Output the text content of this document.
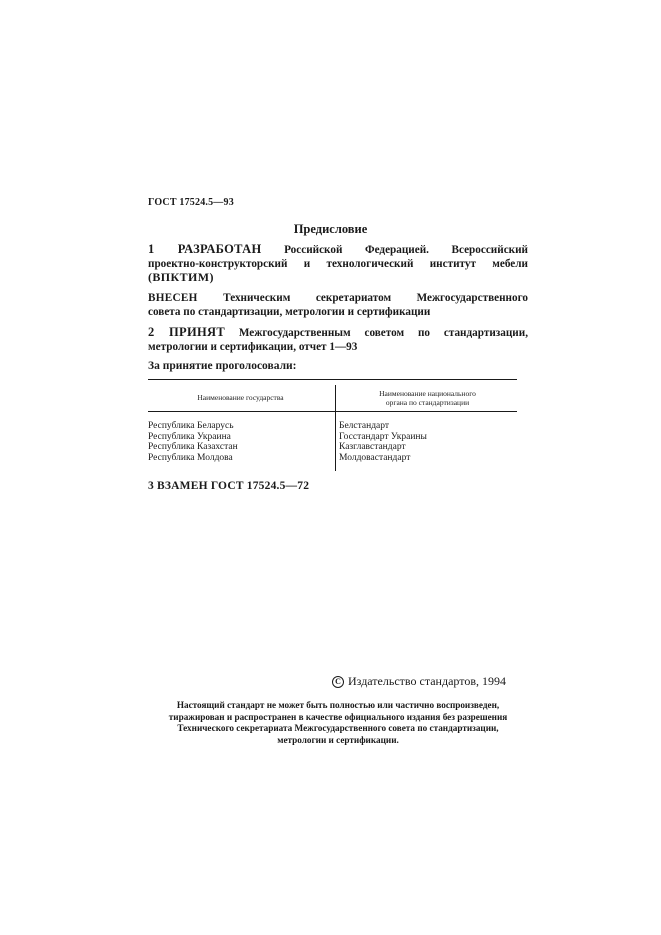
ГОСТ 17524.5—93

Предисловие

1 РАЗРАБОТАН Российской Федерацией. Всероссийский
проектно-конструкторский и технологический институт мебели
(ВПКТИМ)
ВНЕСЕН Техническим секретариатом Межгосударственного
совета по стандартизации, метрологии и сертификации
2 ПРИНЯТ Межгосударственным советом по стандартизации,
метрологии и сертификации, отчет 1—93

За принятие проголосовали:

Наименование государства	Наименование национального
органа по стандартизации
Республика Беларусь
Республика Украина
Республика Казахстан
Республика Молдова
Белстандарт
Госстандарт Украины
Казглавстандарт
Молдовастандарт

3 ВЗАМЕН ГОСТ 17524.5—72

C Издательство стандартов, 1994
Настоящий стандарт не может быть полностью или частично воспроизведен,
тиражирован и распространен в качестве официального издания без разрешения
Технического секретариата Межгосударственного совета по стандартизации,
метрологии и сертификации.
